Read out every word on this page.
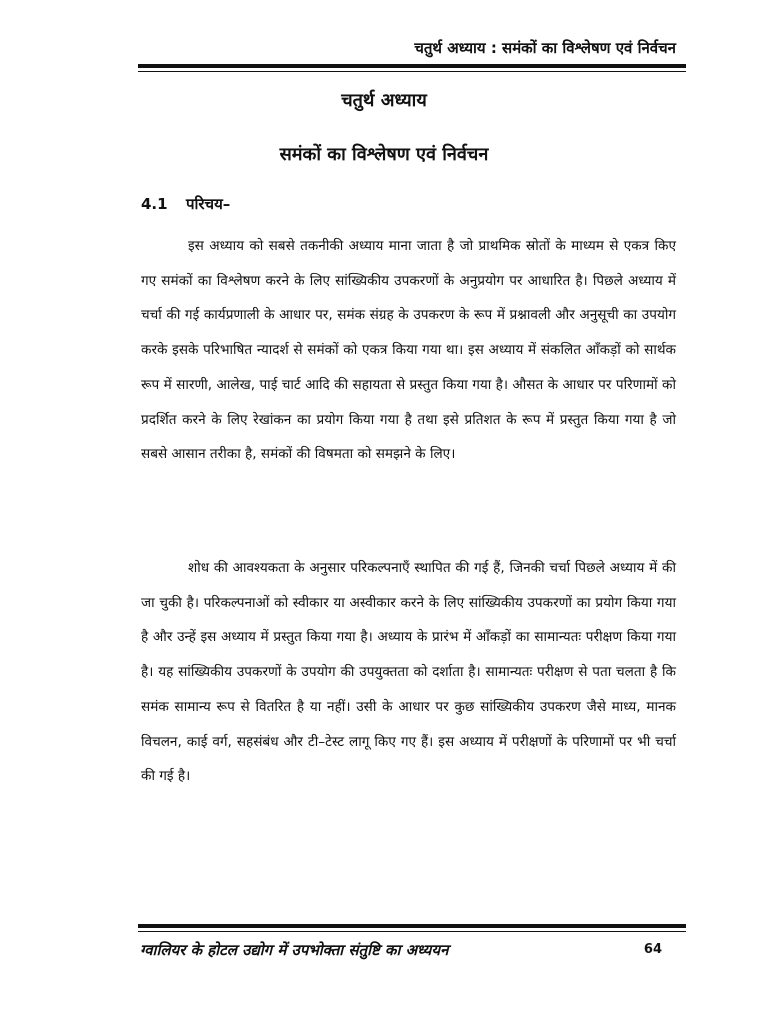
चतुर्थ अध्याय : समंकों का विश्लेषण एवं निर्वचन
चतुर्थ अध्याय
समंकों का विश्लेषण एवं निर्वचन
4.1 परिचय–

इस अध्याय को सबसे तकनीकी अध्याय माना जाता है जो प्राथमिक स्रोतों के माध्यम से एकत्र किए गए समंकों का विश्लेषण करने के लिए सांख्यिकीय उपकरणों के अनुप्रयोग पर आधारित है। पिछले अध्याय में चर्चा की गई कार्यप्रणाली के आधार पर, समंक संग्रह के उपकरण के रूप में प्रश्नावली और अनुसूची का उपयोग करके इसके परिभाषित न्यादर्श से समंकों को एकत्र किया गया था। इस अध्याय में संकलित आँकड़ों को सार्थक रूप में सारणी, आलेख, पाई चार्ट आदि की सहायता से प्रस्तुत किया गया है। औसत के आधार पर परिणामों को प्रदर्शित करने के लिए रेखांकन का प्रयोग किया गया है तथा इसे प्रतिशत के रूप में प्रस्तुत किया गया है जो सबसे आसान तरीका है, समंकों की विषमता को समझने के लिए।

शोध की आवश्यकता के अनुसार परिकल्पनाएँ स्थापित की गई हैं, जिनकी चर्चा पिछले अध्याय में की जा चुकी है। परिकल्पनाओं को स्वीकार या अस्वीकार करने के लिए सांख्यिकीय उपकरणों का प्रयोग किया गया है और उन्हें इस अध्याय में प्रस्तुत किया गया है। अध्याय के प्रारंभ में आँकड़ों का सामान्यतः परीक्षण किया गया है। यह सांख्यिकीय उपकरणों के उपयोग की उपयुक्तता को दर्शाता है। सामान्यतः परीक्षण से पता चलता है कि समंक सामान्य रूप से वितरित है या नहीं। उसी के आधार पर कुछ सांख्यिकीय उपकरण जैसे माध्य, मानक विचलन, काई वर्ग, सहसंबंध और टी–टेस्ट लागू किए गए हैं। इस अध्याय में परीक्षणों के परिणामों पर भी चर्चा की गई है।

ग्वालियर के होटल उद्योग में उपभोक्ता संतुष्टि का अध्ययन	64
